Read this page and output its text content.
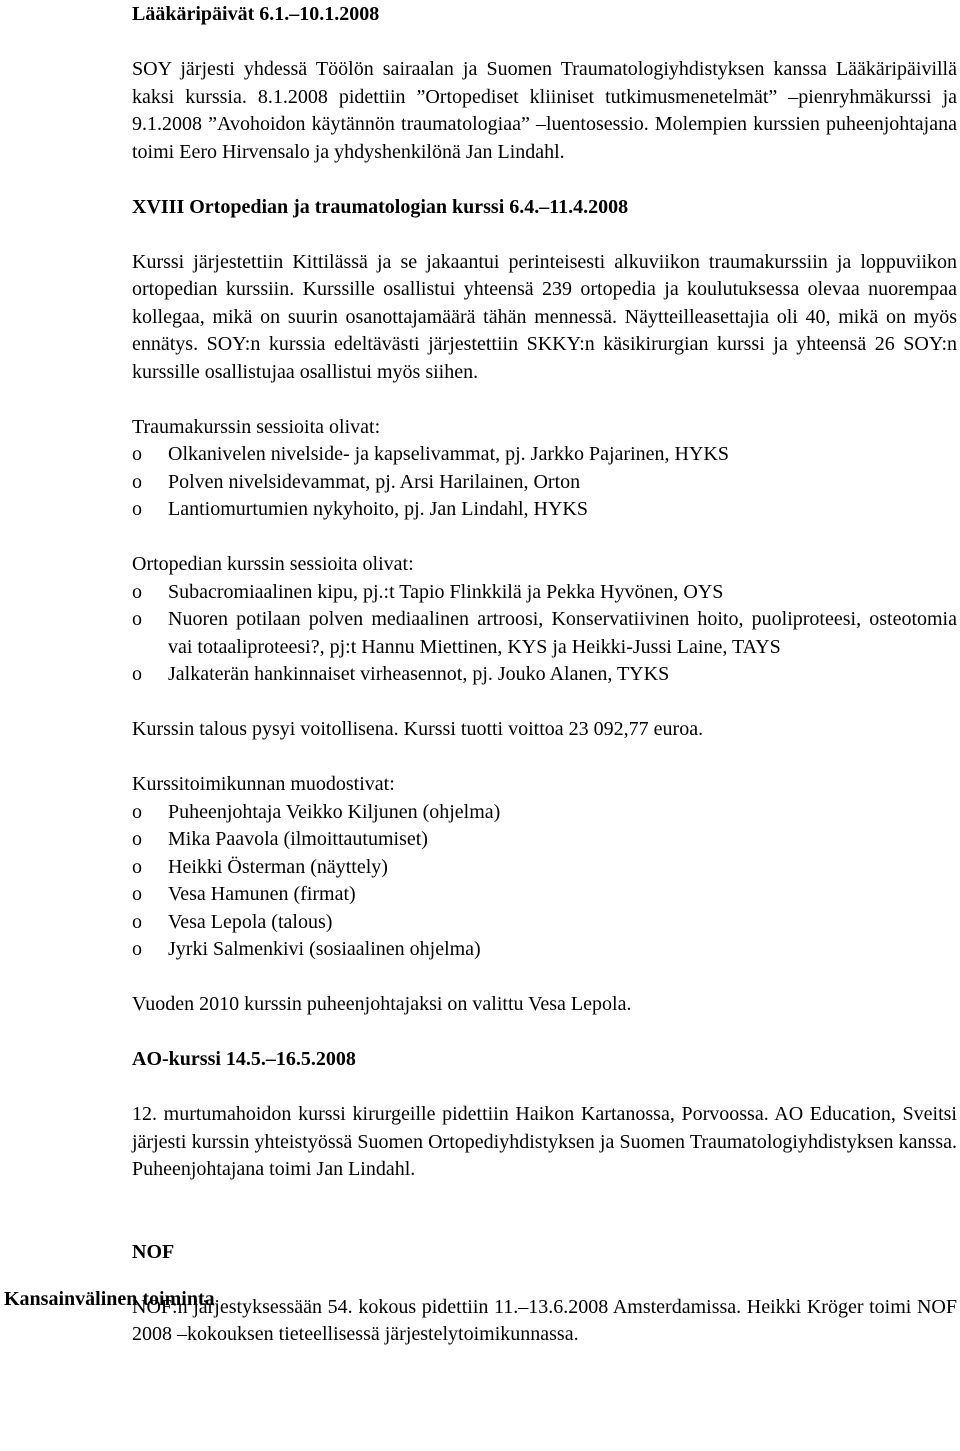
Kansainvälinen toiminta

Lääkäripäivät 6.1.–10.1.2008

SOY järjesti yhdessä Töölön sairaalan ja Suomen Traumatologiyhdistyksen kanssa Lääkäripäivillä kaksi kurssia. 8.1.2008 pidettiin ”Ortopediset kliiniset tutkimusmenetelmät” –pienryhmäkurssi ja 9.1.2008 ”Avohoidon käytännön traumatologiaa” –luentosessio. Molempien kurssien puheenjohtajana toimi Eero Hirvensalo ja yhdyshenkilönä Jan Lindahl.

XVIII Ortopedian ja traumatologian kurssi 6.4.–11.4.2008

Kurssi järjestettiin Kittilässä ja se jakaantui perinteisesti alkuviikon traumakurssiin ja loppuviikon ortopedian kurssiin. Kurssille osallistui yhteensä 239 ortopedia ja koulutuksessa olevaa nuorempaa kollegaa, mikä on suurin osanottajamäärä tähän mennessä. Näytteilleasettajia oli 40, mikä on myös ennätys. SOY:n kurssia edeltävästi järjestettiin SKKY:n käsikirurgian kurssi ja yhteensä 26 SOY:n kurssille osallistujaa osallistui myös siihen.

Traumakurssin sessioita olivat:

o Olkanivelen nivelside- ja kapselivammat, pj. Jarkko Pajarinen, HYKS
o Polven nivelsidevammat, pj. Arsi Harilainen, Orton
o Lantiomurtumien nykyhoito, pj. Jan Lindahl, HYKS

Ortopedian kurssin sessioita olivat:

o Subacromiaalinen kipu, pj.:t Tapio Flinkkilä ja Pekka Hyvönen, OYS
o Nuoren potilaan polven mediaalinen artroosi, Konservatiivinen hoito, puoliproteesi, osteotomia vai totaaliproteesi?, pj:t Hannu Miettinen, KYS ja Heikki-Jussi Laine, TAYS
o Jalkaterän hankinnaiset virheasennot, pj. Jouko Alanen, TYKS

Kurssin talous pysyi voitollisena. Kurssi tuotti voittoa 23 092,77 euroa.

Kurssitoimikunnan muodostivat:

o Puheenjohtaja Veikko Kiljunen (ohjelma)
o Mika Paavola (ilmoittautumiset)
o Heikki Österman (näyttely)
o Vesa Hamunen (firmat)
o Vesa Lepola (talous)
o Jyrki Salmenkivi (sosiaalinen ohjelma)

Vuoden 2010 kurssin puheenjohtajaksi on valittu Vesa Lepola.

AO-kurssi 14.5.–16.5.2008

12. murtumahoidon kurssi kirurgeille pidettiin Haikon Kartanossa, Porvoossa. AO Education, Sveitsi järjesti kurssin yhteistyössä Suomen Ortopediyhdistyksen ja Suomen Traumatologiyhdistyksen kanssa. Puheenjohtajana toimi Jan Lindahl.

NOF

NOF:n järjestyksessään 54. kokous pidettiin 11.–13.6.2008 Amsterdamissa. Heikki Kröger toimi NOF 2008 –kokouksen tieteellisessä järjestelytoimikunnassa.
